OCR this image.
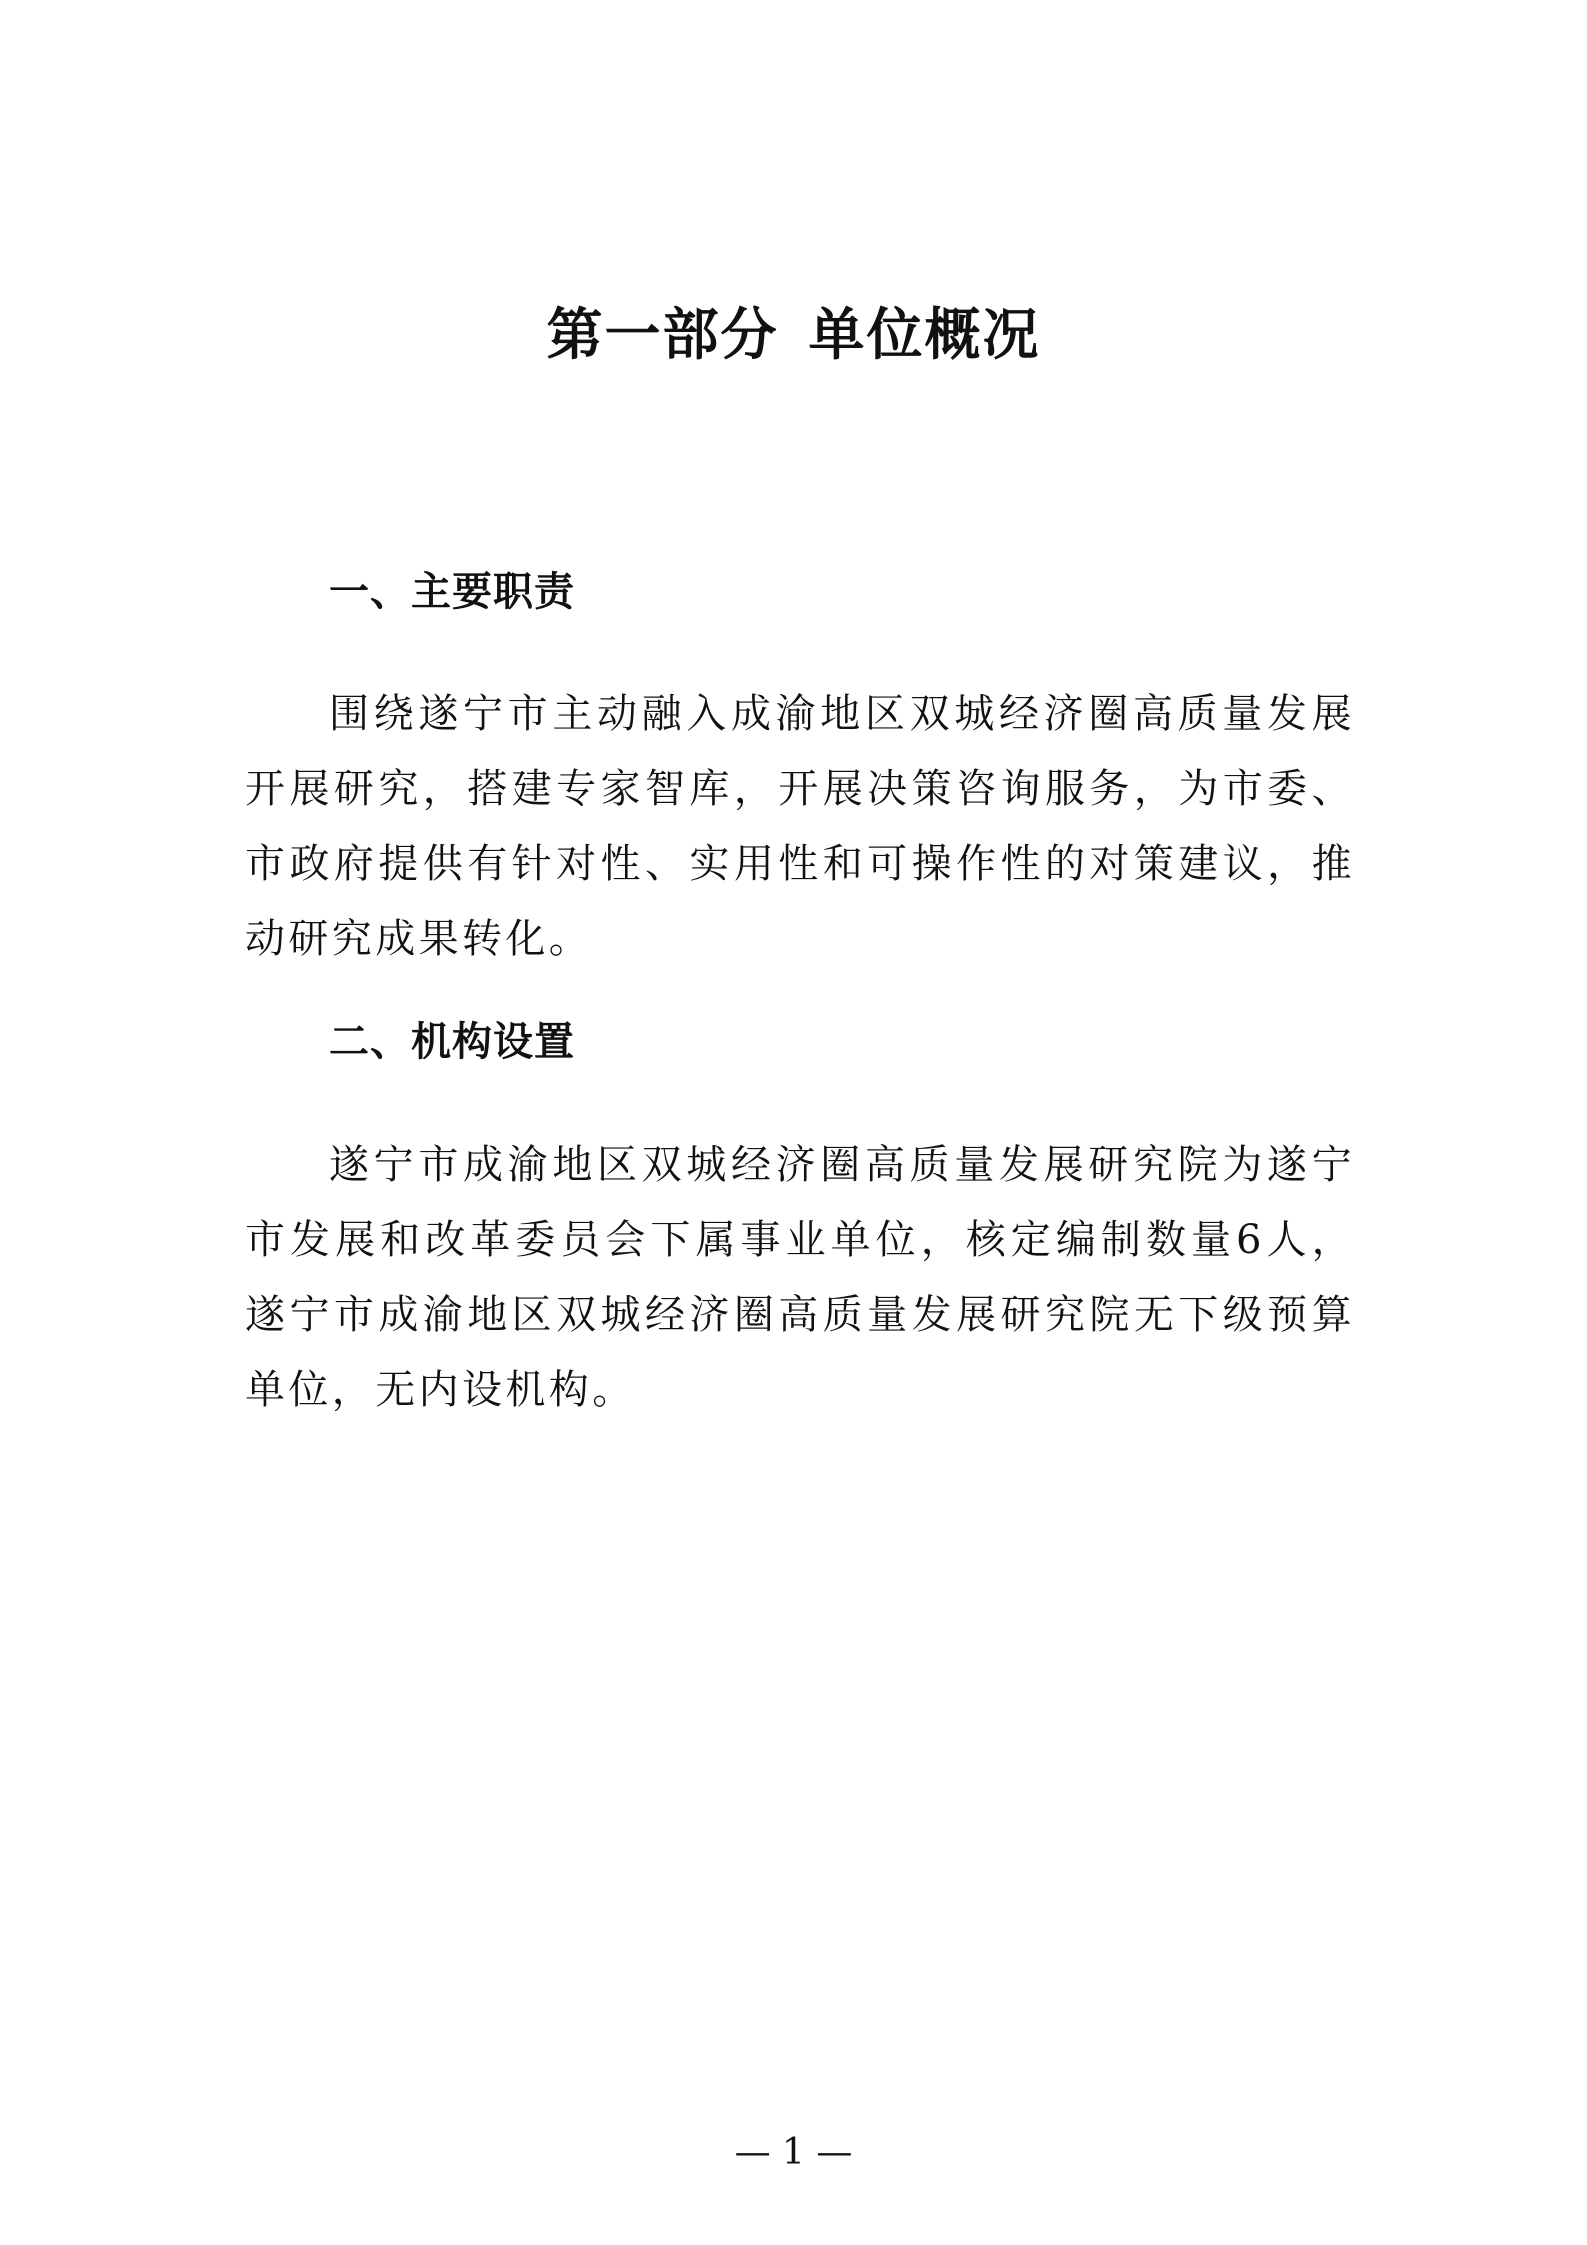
第一部分 单位概况
一、主要职责
围绕遂宁市主动融入成渝地区双城经济圈高质量发展开展研究，搭建专家智库，开展决策咨询服务，为市委、市政府提供有针对性、实用性和可操作性的对策建议，推动研究成果转化。
二、机构设置
遂宁市成渝地区双城经济圈高质量发展研究院为遂宁市发展和改革委员会下属事业单位，核定编制数量6人，遂宁市成渝地区双城经济圈高质量发展研究院无下级预算单位，无内设机构。
— 1 —
